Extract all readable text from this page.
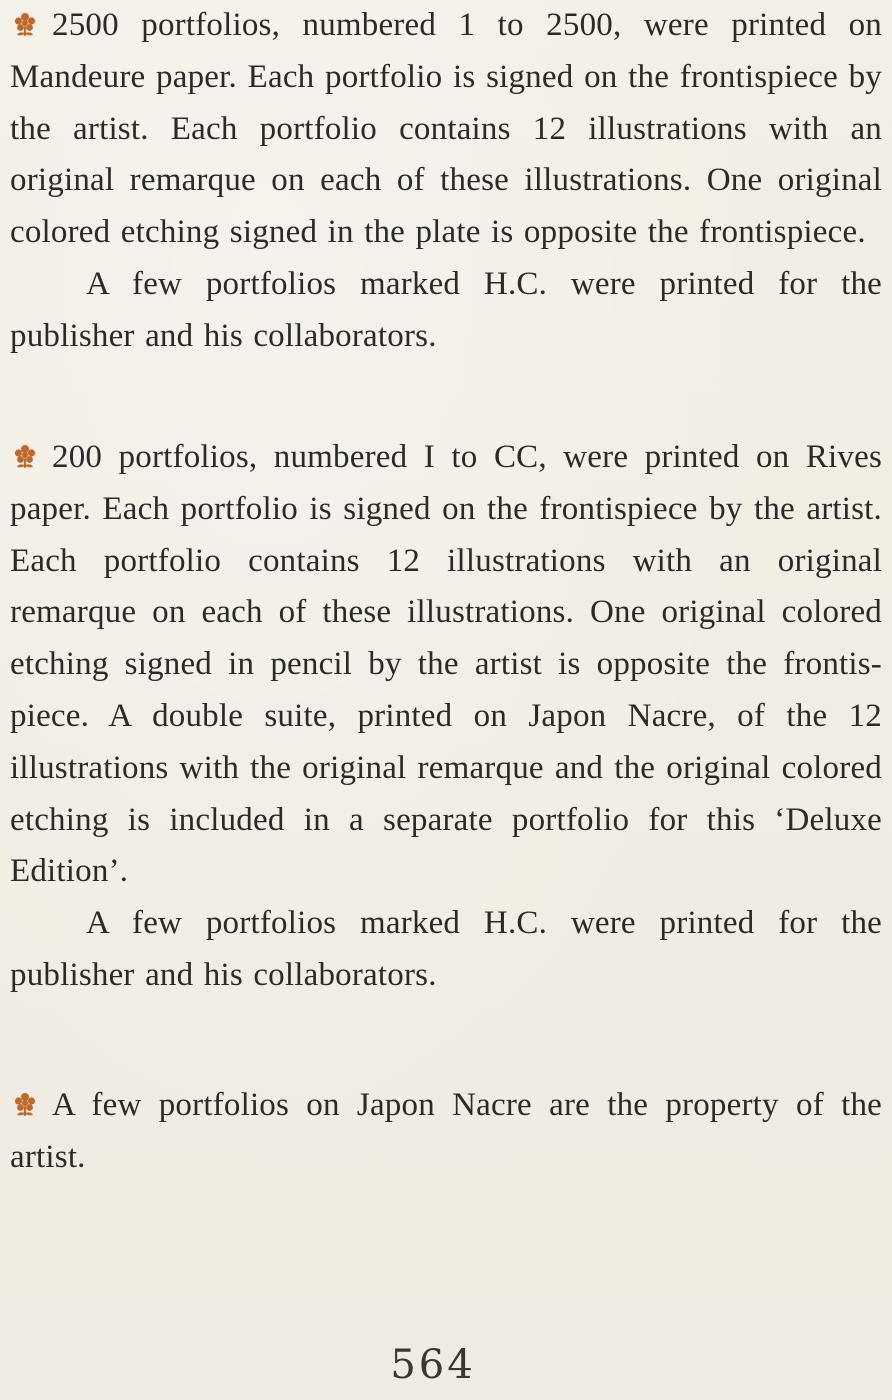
2500 portfolios, numbered 1 to 2500, were printed on Mandeure paper. Each portfolio is signed on the frontispiece by the artist. Each portfolio contains 12 illustrations with an original remarque on each of these illustrations. One original colored etching signed in the plate is opposite the frontispiece.

A few portfolios marked H.C. were printed for the publisher and his collaborators.

200 portfolios, numbered I to CC, were printed on Rives paper. Each portfolio is signed on the frontispiece by the artist. Each portfolio contains 12 illustrations with an original remarque on each of these illustrations. One original colored etching signed in pencil by the artist is opposite the frontis-piece. A double suite, printed on Japon Nacre, of the 12 illustrations with the original remarque and the original colored etching is included in a separate portfolio for this ‘Deluxe Edition’.

A few portfolios marked H.C. were printed for the publisher and his collaborators.

A few portfolios on Japon Nacre are the property of the artist.

564
